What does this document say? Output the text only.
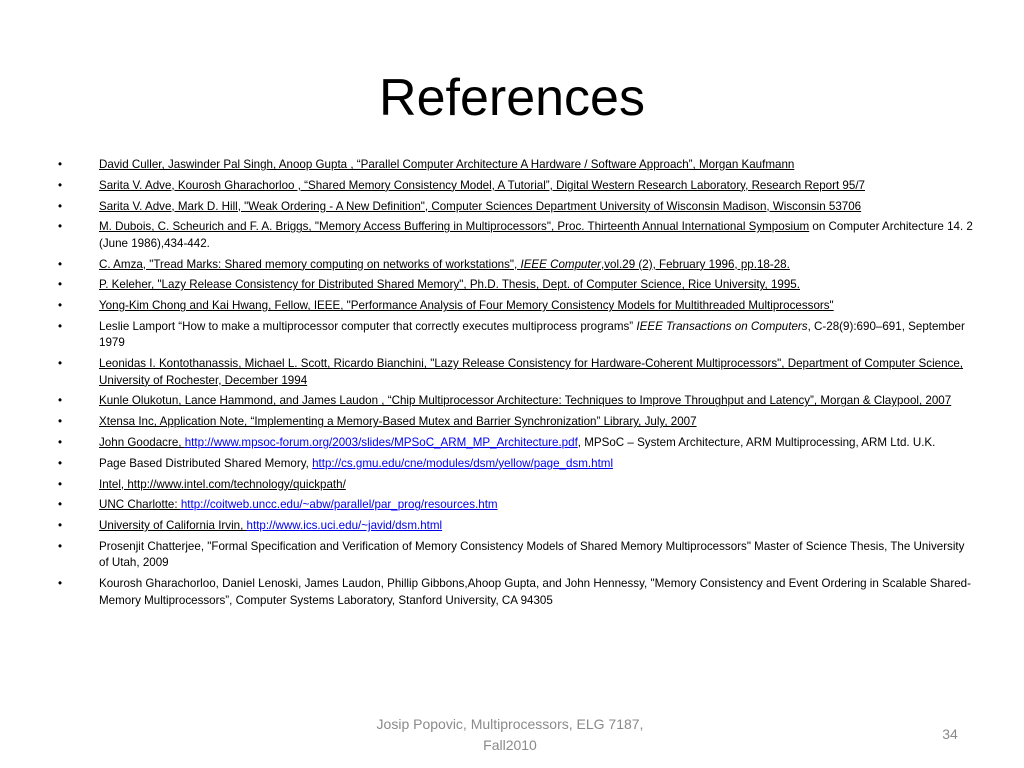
References
•	David Culler, Jaswinder Pal Singh, Anoop Gupta , “Parallel Computer Architecture A Hardware / Software Approach”, Morgan Kaufmann
•	Sarita V. Adve, Kourosh Gharachorloo , “Shared Memory Consistency Model, A Tutorial”, Digital Western Research Laboratory, Research Report 95/7
•	Sarita V. Adve, Mark D. Hill, "Weak Ordering - A New Definition", Computer Sciences Department University of Wisconsin Madison, Wisconsin 53706
•	M. Dubois, C. Scheurich and F. A. Briggs, "Memory Access Buffering in Multiprocessors", Proc. Thirteenth Annual International Symposium on Computer Architecture 14. 2 (June 1986),434-442.
•	C. Amza, "Tread Marks: Shared memory computing on networks of workstations", IEEE Computer,vol.29 (2), February 1996, pp.18-28.
•	P. Keleher, "Lazy Release Consistency for Distributed Shared Memory", Ph.D. Thesis, Dept. of Computer Science, Rice University, 1995.
•	Yong-Kim Chong and Kai Hwang, Fellow, IEEE, "Performance Analysis of Four Memory Consistency Models for Multithreaded Multiprocessors"
•	Leslie Lamport “How to make a multiprocessor computer that correctly executes multiprocess programs” IEEE Transactions on Computers, C-28(9):690–691, September 1979
•	Leonidas I. Kontothanassis, Michael L. Scott, Ricardo Bianchini, "Lazy Release Consistency for Hardware-Coherent Multiprocessors", Department of Computer Science, University of Rochester, December 1994
•	Kunle Olukotun, Lance Hammond, and James Laudon , “Chip Multiprocessor Architecture: Techniques to Improve Throughput and Latency”, Morgan & Claypool, 2007
•	Xtensa Inc, Application Note, “Implementing a Memory-Based Mutex and Barrier Synchronization” Library, July, 2007
•	John Goodacre, http://www.mpsoc-forum.org/2003/slides/MPSoC_ARM_MP_Architecture.pdf, MPSoC – System Architecture, ARM Multiprocessing, ARM Ltd. U.K.
•	Page Based Distributed Shared Memory, http://cs.gmu.edu/cne/modules/dsm/yellow/page_dsm.html
•	Intel, http://www.intel.com/technology/quickpath/
•	UNC Charlotte: http://coitweb.uncc.edu/~abw/parallel/par_prog/resources.htm
•	University of California Irvin, http://www.ics.uci.edu/~javid/dsm.html
•	Prosenjit Chatterjee, "Formal Specification and Verification of Memory Consistency Models of Shared Memory Multiprocessors" Master of Science Thesis, The University of Utah, 2009
•	Kourosh Gharachorloo, Daniel Lenoski, James Laudon, Phillip Gibbons,Ahoop Gupta, and John Hennessy, "Memory Consistency and Event Ordering in Scalable Shared-Memory Multiprocessors”, Computer Systems Laboratory, Stanford University, CA 94305
Josip Popovic, Multiprocessors, ELG 7187,
Fall2010
34
